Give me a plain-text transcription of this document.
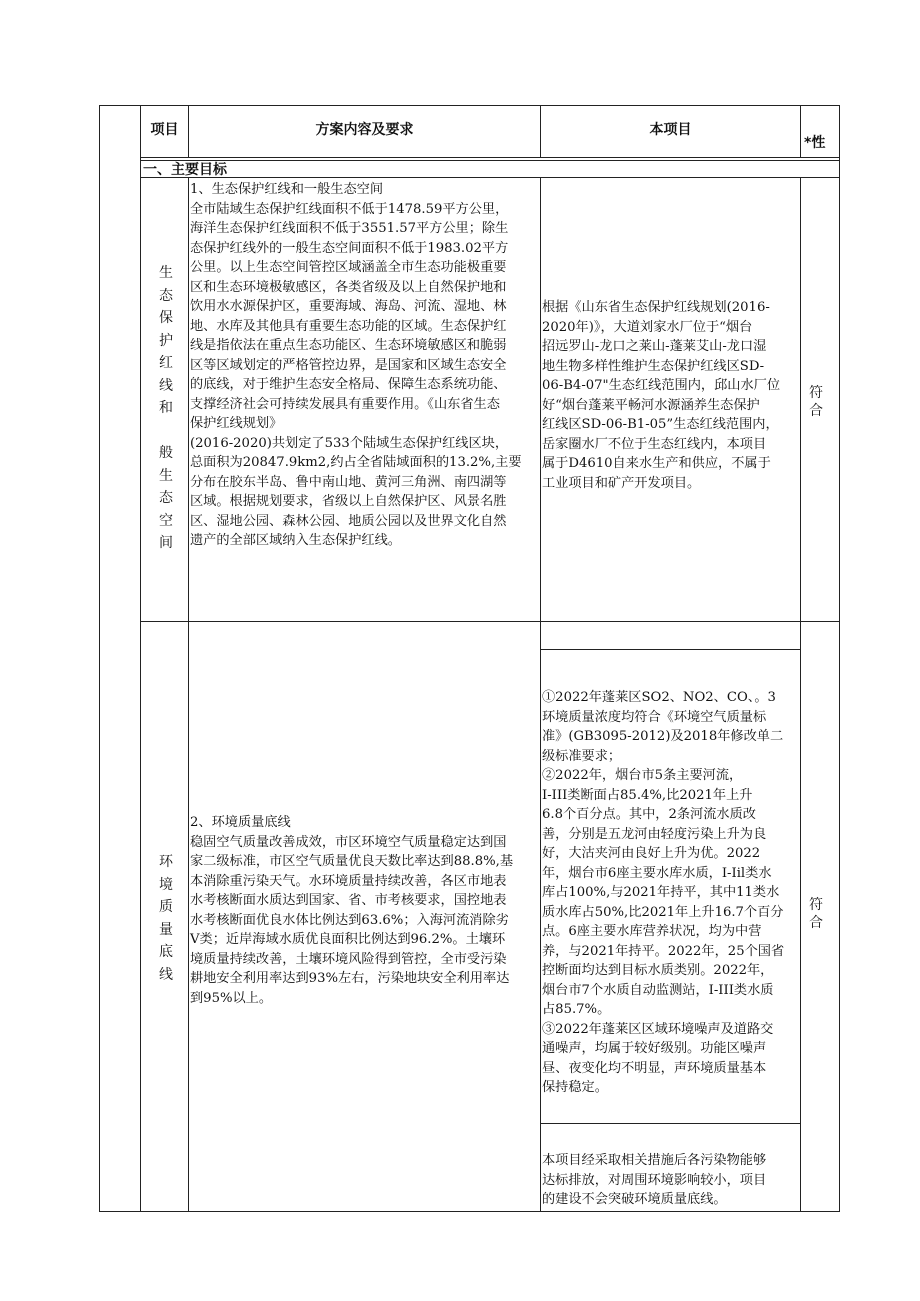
项目	方案内容及要求	本项目
*性
一、主要目标
生
态
保
护
红
线
和

般
生
态
空
间
1、生态保护红线和一般生态空间
全市陆域生态保护红线面积不低于1478.59平方公里，
海洋生态保护红线面积不低于3551.57平方公里；除生
态保护红线外的一般生态空间面积不低于1983.02平方
公里。以上生态空间管控区域涵盖全市生态功能极重要
区和生态环境极敏感区，各类省级及以上自然保护地和
饮用水水源保护区，重要海域、海岛、河流、湿地、林
地、水库及其他具有重要生态功能的区域。生态保护红
线是指依法在重点生态功能区、生态环境敏感区和脆弱
区等区域划定的严格管控边界，是国家和区域生态安全
的底线，对于维护生态安全格局、保障生态系统功能、
支撑经济社会可持续发展具有重要作用。《山东省生态
保护红线规划》
(2016-2020)共划定了533个陆域生态保护红线区块，
总面积为20847.9km2,约占全省陆域面积的13.2%,主要
分布在胶东半岛、鲁中南山地、黄河三角洲、南四湖等
区域。根据规划要求，省级以上自然保护区、风景名胜
区、湿地公园、森林公园、地质公园以及世界文化自然
遗产的全部区域纳入生态保护红线。
根据《山东省生态保护红线规划(2016-
2020年)》，大道刘家水厂位于“烟台
招远罗山-龙口之莱山-蓬莱艾山-龙口湿
地生物多样性维护生态保护红线区SD-
06-B4-07"生态红线范围内，邱山水厂位
好“烟台蓬莱平畅河水源涵养生态保护
红线区SD-06-B1-05”生态红线范围内，
岳家圈水厂不位于生态红线内，本项目
属于D4610自来水生产和供应，不属于
工业项目和矿产开发项目。
符
合
环
境
质
量
底
线
2、环境质量底线
稳固空气质量改善成效，市区环境空气质量稳定达到国
家二级标准，市区空气质量优良天数比率达到88.8%,基
本消除重污染天气。水环境质量持续改善，各区市地表
水考核断面水质达到国家、省、市考核要求，国控地表
水考核断面优良水体比例达到63.6%；入海河流消除劣
V类；近岸海域水质优良面积比例达到96.2%。土壤环
境质量持续改善，土壤环境风险得到管控，全市受污染
耕地安全利用率达到93%左右，污染地块安全利用率达
到95%以上。
①2022年蓬莱区SO2、NO2、CO、。3
环境质量浓度均符合《环境空气质量标
准》(GB3095-2012)及2018年修改单二
级标准要求；
②2022年，烟台市5条主要河流，
I-III类断面占85.4%,比2021年上升
6.8个百分点。其中，2条河流水质改
善，分别是五龙河由轻度污染上升为良
好，大沽夹河由良好上升为优。2022
年，烟台市6座主要水库水质，I-Iil类水
库占100%,与2021年持平，其中11类水
质水库占50%,比2021年上升16.7个百分
点。6座主要水库营养状况，均为中营
养，与2021年持平。2022年，25个国省
控断面均达到目标水质类别。2022年，
烟台市7个水质自动监测站，I-III类水质
占85.7%。
③2022年蓬莱区区域环境噪声及道路交
通噪声，均属于较好级别。功能区噪声
昼、夜变化均不明显，声环境质量基本
保持稳定。
本项目经采取相关措施后各污染物能够
达标排放，对周围环境影响较小，项目
的建设不会突破环境质量底线。
符
合
